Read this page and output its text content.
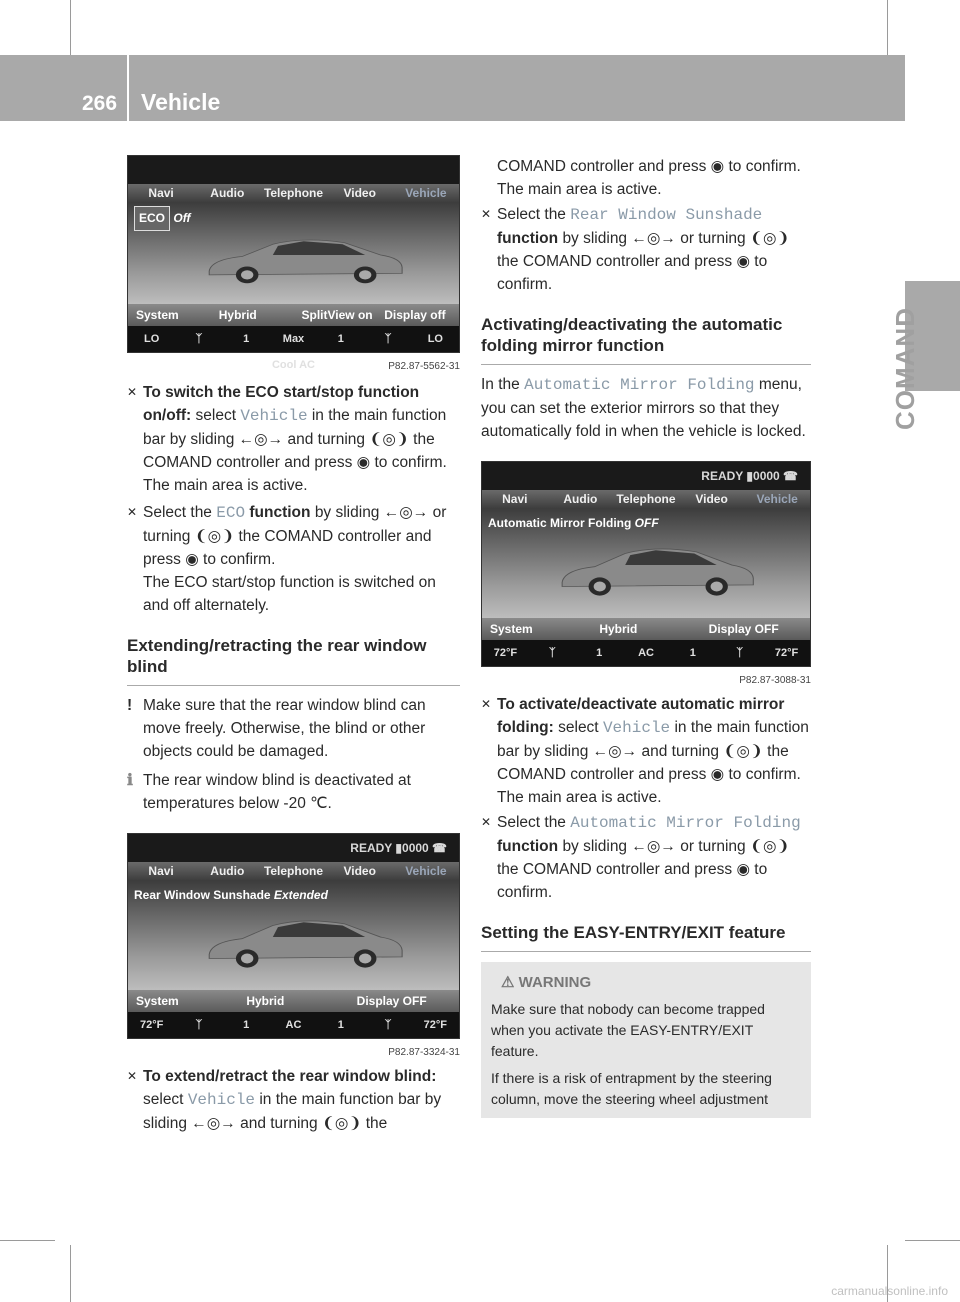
266 Vehicle
COMAND
Navi	Audio	Telephone	Video	Vehicle
ECO Off
System	Hybrid	SplitView on Display off
LO	ᛉ	1	Max Cool AC
1	ᛉ	LO
P82.87-5562-31

✕ To switch the ECO start/stop function on/off: select Vehicle in the main function bar by sliding ←◎→ and turning ❨◎❩ the COMAND controller and press ◉ to confirm.
The main area is active.

✕ Select the ECO function by sliding ←◎→ or turning ❨◎❩ the COMAND controller and press ◉ to confirm.
The ECO start/stop function is switched on and off alternately.

Extending/retracting the rear window blind

! Make sure that the rear window blind can move freely. Otherwise, the blind or other objects could be damaged.

ℹ The rear window blind is deactivated at temperatures below -20 ℃.

READY ▮0000 ☎
Navi	Audio	Telephone	Video	Vehicle
Rear Window Sunshade Extended
System	Hybrid	Display OFF
72°F	ᛉ	1	AC	1	ᛉ	72°F
P82.87-3324-31

✕ To extend/retract the rear window blind: select Vehicle in the main function bar by sliding ←◎→ and turning ❨◎❩ the

COMAND controller and press ◉ to confirm.
The main area is active.

✕ Select the Rear Window Sunshade function by sliding ←◎→ or turning ❨◎❩ the COMAND controller and press ◉ to confirm.

Activating/deactivating the automatic folding mirror function

In the Automatic Mirror Folding menu, you can set the exterior mirrors so that they automatically fold in when the vehicle is locked.

READY ▮0000 ☎
Navi	Audio	Telephone	Video	Vehicle
Automatic Mirror Folding OFF
System	Hybrid	Display OFF
72°F	ᛉ	1	AC	1	ᛉ	72°F
P82.87-3088-31

✕ To activate/deactivate automatic mirror folding: select Vehicle in the main function bar by sliding ←◎→ and turning ❨◎❩ the COMAND controller and press ◉ to confirm.
The main area is active.

✕ Select the Automatic Mirror Folding function by sliding ←◎→ or turning ❨◎❩ the COMAND controller and press ◉ to confirm.

Setting the EASY-ENTRY/EXIT feature
⚠ WARNING
Make sure that nobody can become trapped when you activate the EASY-ENTRY/EXIT feature.
If there is a risk of entrapment by the steering column, move the steering wheel adjustment
carmanualsonline.info
